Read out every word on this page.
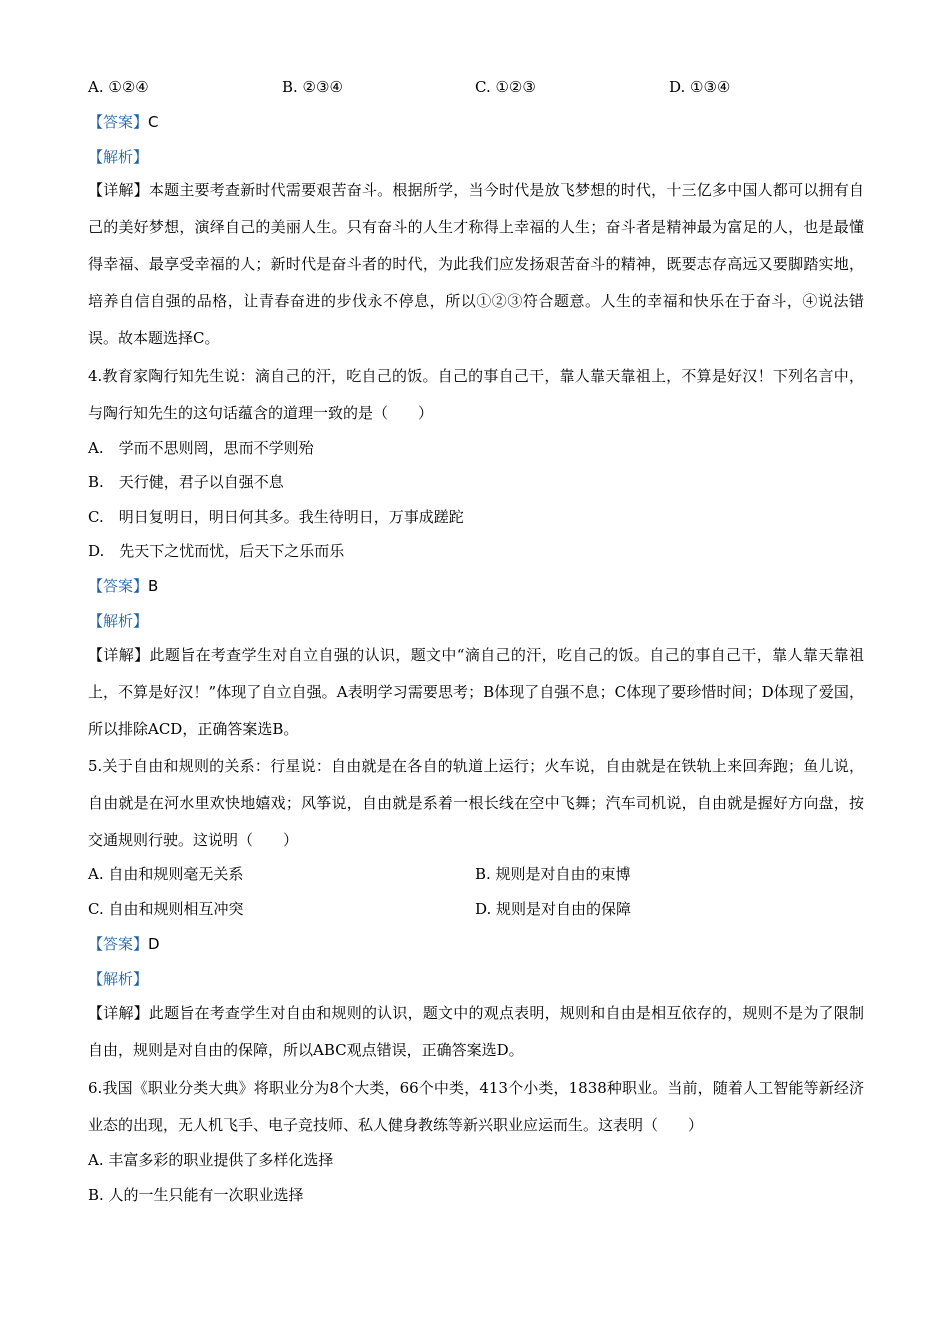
A. ①②④	B. ②③④	C. ①②③	D. ①③④
【答案】C
【解析】
【详解】本题主要考查新时代需要艰苦奋斗。根据所学，当今时代是放飞梦想的时代，十三亿多中国人都可以拥有自己的美好梦想，演绎自己的美丽人生。只有奋斗的人生才称得上幸福的人生；奋斗者是精神最为富足的人，也是最懂得幸福、最享受幸福的人；新时代是奋斗者的时代，为此我们应发扬艰苦奋斗的精神，既要志存高远又要脚踏实地，培养自信自强的品格，让青春奋进的步伐永不停息，所以①②③符合题意。人生的幸福和快乐在于奋斗，④说法错误。故本题选择C。
4.教育家陶行知先生说：滴自己的汗，吃自己的饭。自己的事自己干，靠人靠天靠祖上，不算是好汉！下列名言中，与陶行知先生的这句话蕴含的道理一致的是（　　）
A.　学而不思则罔，思而不学则殆
B.　天行健，君子以自强不息
C.　明日复明日，明日何其多。我生待明日，万事成蹉跎
D.　先天下之忧而忧，后天下之乐而乐
【答案】B
【解析】
【详解】此题旨在考查学生对自立自强的认识，题文中“滴自己的汗，吃自己的饭。自己的事自己干，靠人靠天靠祖上，不算是好汉！”体现了自立自强。A表明学习需要思考；B体现了自强不息；C体现了要珍惜时间；D体现了爱国，所以排除ACD，正确答案选B。
5.关于自由和规则的关系：行星说：自由就是在各自的轨道上运行；火车说，自由就是在铁轨上来回奔跑；鱼儿说，自由就是在河水里欢快地嬉戏；风筝说，自由就是系着一根长线在空中飞舞；汽车司机说，自由就是握好方向盘，按交通规则行驶。这说明（　　）
A. 自由和规则毫无关系	B. 规则是对自由的束博
C. 自由和规则相互冲突	D. 规则是对自由的保障
【答案】D
【解析】
【详解】此题旨在考查学生对自由和规则的认识，题文中的观点表明，规则和自由是相互依存的，规则不是为了限制自由，规则是对自由的保障，所以ABC观点错误，正确答案选D。
6.我国《职业分类大典》将职业分为8个大类，66个中类，413个小类，1838种职业。当前，随着人工智能等新经济业态的出现，无人机飞手、电子竞技师、私人健身教练等新兴职业应运而生。这表明（　　）
A. 丰富多彩的职业提供了多样化选择
B. 人的一生只能有一次职业选择
